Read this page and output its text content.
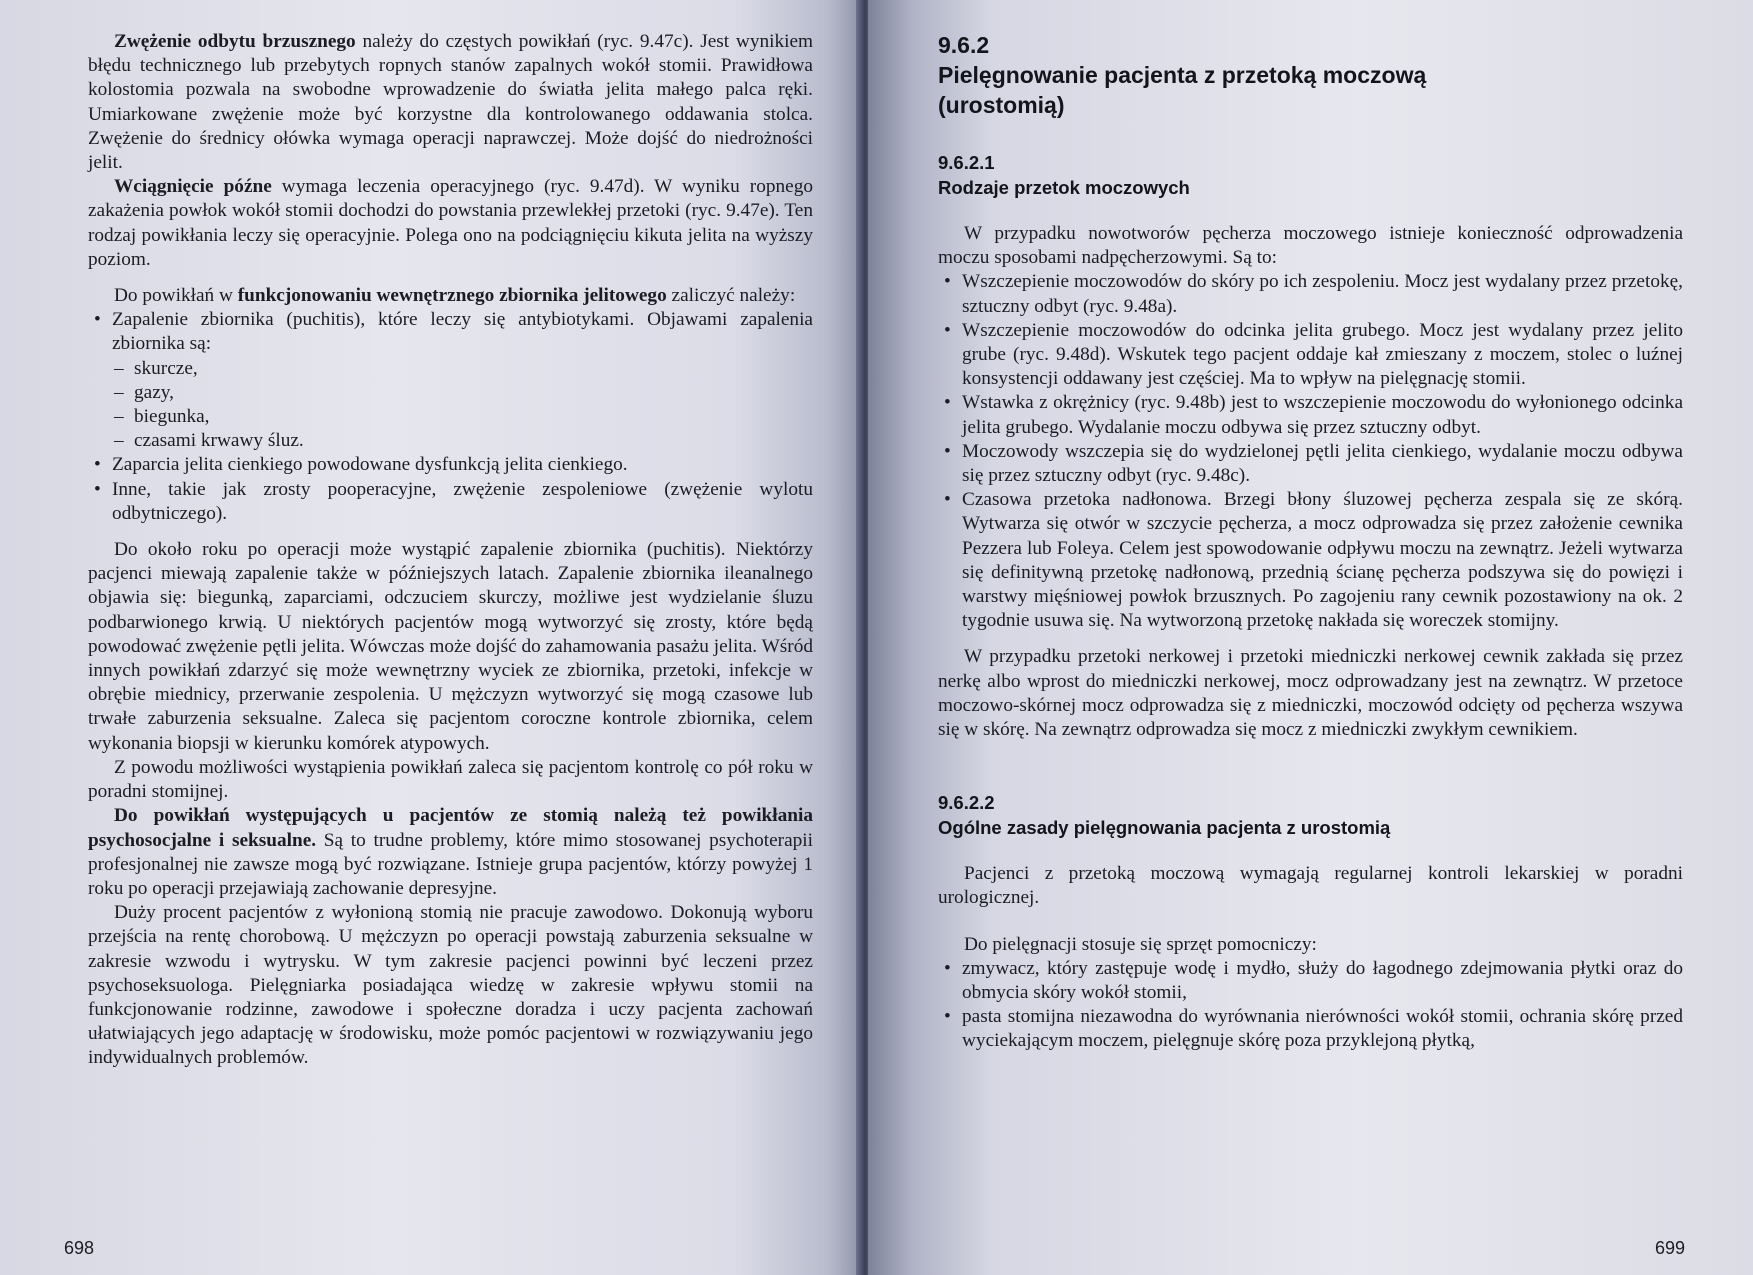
Zwężenie odbytu brzusznego należy do częstych powikłań (ryc. 9.47c). Jest wynikiem błędu technicznego lub przebytych ropnych stanów zapalnych wokół stomii. Prawidłowa kolostomia pozwala na swobodne wprowadzenie do światła jelita małego palca ręki. Umiarkowane zwężenie może być korzystne dla kontrolowanego oddawania stolca. Zwężenie do średnicy ołówka wymaga operacji naprawczej. Może dojść do niedrożności jelit.

Wciągnięcie późne wymaga leczenia operacyjnego (ryc. 9.47d). W wyniku ropnego zakażenia powłok wokół stomii dochodzi do powstania przewlekłej przetoki (ryc. 9.47e). Ten rodzaj powikłania leczy się operacyjnie. Polega ono na podciągnięciu kikuta jelita na wyższy poziom.

Do powikłań w funkcjonowaniu wewnętrznego zbiornika jelitowego zaliczyć należy:

• Zapalenie zbiornika (puchitis), które leczy się antybiotykami. Objawami zapalenia zbiornika są:
– skurcze,
– gazy,
– biegunka,
– czasami krwawy śluz.
• Zaparcia jelita cienkiego powodowane dysfunkcją jelita cienkiego.
• Inne, takie jak zrosty pooperacyjne, zwężenie zespoleniowe (zwężenie wylotu odbytniczego).

Do około roku po operacji może wystąpić zapalenie zbiornika (puchitis). Niektórzy pacjenci miewają zapalenie także w późniejszych latach. Zapalenie zbiornika ileanalnego objawia się: biegunką, zaparciami, odczuciem skurczy, możliwe jest wydzielanie śluzu podbarwionego krwią. U niektórych pacjentów mogą wytworzyć się zrosty, które będą powodować zwężenie pętli jelita. Wówczas może dojść do zahamowania pasażu jelita. Wśród innych powikłań zdarzyć się może wewnętrzny wyciek ze zbiornika, przetoki, infekcje w obrębie miednicy, przerwanie zespolenia. U mężczyzn wytworzyć się mogą czasowe lub trwałe zaburzenia seksualne. Zaleca się pacjentom coroczne kontrole zbiornika, celem wykonania biopsji w kierunku komórek atypowych.

Z powodu możliwości wystąpienia powikłań zaleca się pacjentom kontrolę co pół roku w poradni stomijnej.

Do powikłań występujących u pacjentów ze stomią należą też powikłania psychosocjalne i seksualne. Są to trudne problemy, które mimo stosowanej psychoterapii profesjonalnej nie zawsze mogą być rozwiązane. Istnieje grupa pacjentów, którzy powyżej 1 roku po operacji przejawiają zachowanie depresyjne.

Duży procent pacjentów z wyłonioną stomią nie pracuje zawodowo. Dokonują wyboru przejścia na rentę chorobową. U mężczyzn po operacji powstają zaburzenia seksualne w zakresie wzwodu i wytrysku. W tym zakresie pacjenci powinni być leczeni przez psychoseksuologa. Pielęgniarka posiadająca wiedzę w zakresie wpływu stomii na funkcjonowanie rodzinne, zawodowe i społeczne doradza i uczy pacjenta zachowań ułatwiających jego adaptację w środowisku, może pomóc pacjentowi w rozwiązywaniu jego indywidualnych problemów.

698
9.6.2
Pielęgnowanie pacjenta z przetoką moczową (urostomią)
9.6.2.1
Rodzaje przetok moczowych

W przypadku nowotworów pęcherza moczowego istnieje konieczność odprowadzenia moczu sposobami nadpęcherzowymi. Są to:

• Wszczepienie moczowodów do skóry po ich zespoleniu. Mocz jest wydalany przez przetokę, sztuczny odbyt (ryc. 9.48a).
• Wszczepienie moczowodów do odcinka jelita grubego. Mocz jest wydalany przez jelito grube (ryc. 9.48d). Wskutek tego pacjent oddaje kał zmieszany z moczem, stolec o luźnej konsystencji oddawany jest częściej. Ma to wpływ na pielęgnację stomii.
• Wstawka z okrężnicy (ryc. 9.48b) jest to wszczepienie moczowodu do wyłonionego odcinka jelita grubego. Wydalanie moczu odbywa się przez sztuczny odbyt.
• Moczowody wszczepia się do wydzielonej pętli jelita cienkiego, wydalanie moczu odbywa się przez sztuczny odbyt (ryc. 9.48c).
• Czasowa przetoka nadłonowa. Brzegi błony śluzowej pęcherza zespala się ze skórą. Wytwarza się otwór w szczycie pęcherza, a mocz odprowadza się przez założenie cewnika Pezzera lub Foleya. Celem jest spowodowanie odpływu moczu na zewnątrz. Jeżeli wytwarza się definitywną przetokę nadłonową, przednią ścianę pęcherza podszywa się do powięzi i warstwy mięśniowej powłok brzusznych. Po zagojeniu rany cewnik pozostawiony na ok. 2 tygodnie usuwa się. Na wytworzoną przetokę nakłada się woreczek stomijny.

W przypadku przetoki nerkowej i przetoki miedniczki nerkowej cewnik zakłada się przez nerkę albo wprost do miedniczki nerkowej, mocz odprowadzany jest na zewnątrz. W przetoce moczowo-skórnej mocz odprowadza się z miedniczki, moczowód odcięty od pęcherza wszywa się w skórę. Na zewnątrz odprowadza się mocz z miedniczki zwykłym cewnikiem.

9.6.2.2
Ogólne zasady pielęgnowania pacjenta z urostomią

Pacjenci z przetoką moczową wymagają regularnej kontroli lekarskiej w poradni urologicznej.

Do pielęgnacji stosuje się sprzęt pomocniczy:

• zmywacz, który zastępuje wodę i mydło, służy do łagodnego zdejmowania płytki oraz do obmycia skóry wokół stomii,
• pasta stomijna niezawodna do wyrównania nierówności wokół stomii, ochrania skórę przed wyciekającym moczem, pielęgnuje skórę poza przyklejoną płytką,
699
